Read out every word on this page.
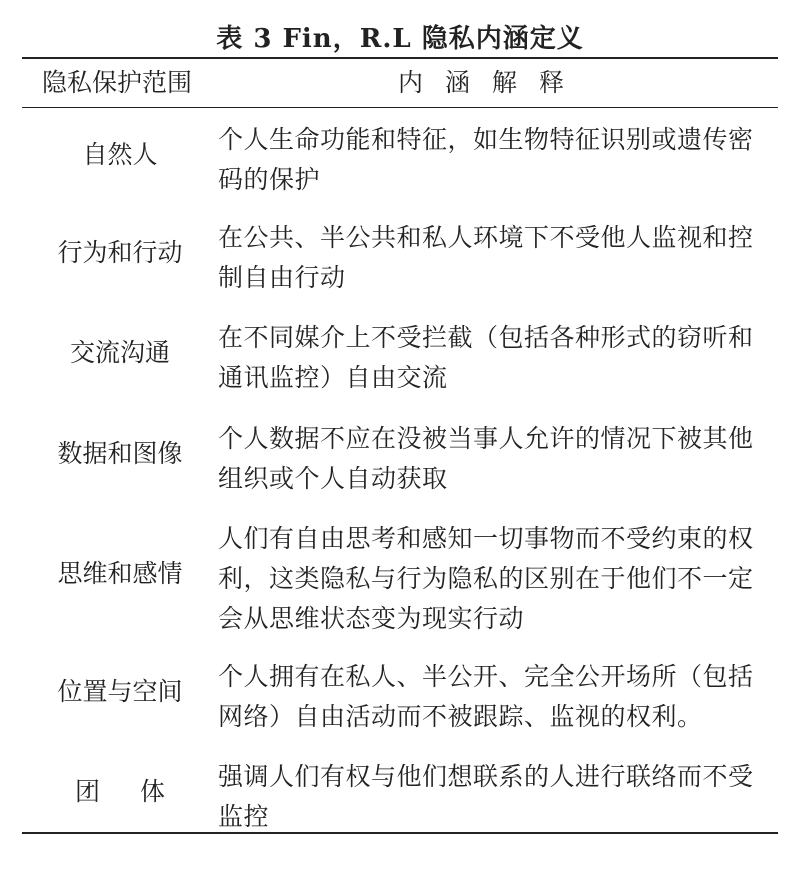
表 3 Fin，R.L 隐私内涵定义
隐私保护范围	内涵解释
自然人
个人生命功能和特征，如生物特征识别或遗传密码的保护
行为和行动
在公共、半公共和私人环境下不受他人监视和控制自由行动
交流沟通
在不同媒介上不受拦截（包括各种形式的窃听和通讯监控）自由交流
数据和图像
个人数据不应在没被当事人允许的情况下被其他组织或个人自动获取
思维和感情
人们有自由思考和感知一切事物而不受约束的权利，这类隐私与行为隐私的区别在于他们不一定会从思维状态变为现实行动
位置与空间
个人拥有在私人、半公开、完全公开场所（包括网络）自由活动而不被跟踪、监视的权利。
团体
强调人们有权与他们想联系的人进行联络而不受监控
